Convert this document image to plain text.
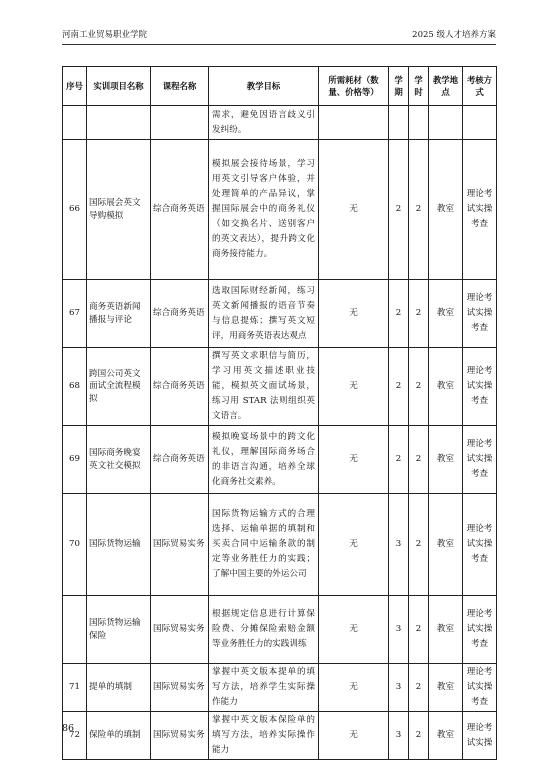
河南工业贸易职业学院	2025 级人才培养方案
序号	实训项目名称	课程名称	教学目标	所需耗材（数量、价格等）	学期	学时	教学地点	考核方式
			需求，避免因语言歧义引发纠纷。					
66	国际展会英文导购模拟	综合商务英语	模拟展会接待场景，学习用英文引导客户体验，并处理简单的产品异议，掌握国际展会中的商务礼仪（如交换名片、送别客户的英文表达），提升跨文化商务接待能力。	无	2	2	教室	理论考试实操考查
67	商务英语新闻播报与评论	综合商务英语	选取国际财经新闻，练习英文新闻播报的语音节奏与信息提炼；撰写英文短评，用商务英语表达观点	无	2	2	教室	理论考试实操考查
68	跨国公司英文面试全流程模拟	综合商务英语	撰写英文求职信与简历，学习用英文描述职业技能，模拟英文面试场景，练习用 STAR 法则组织英文语言。	无	2	2	教室	理论考试实操考查
69	国际商务晚宴英文社交模拟	综合商务英语	模拟晚宴场景中的跨文化礼仪，理解国际商务场合的非语言沟通，培养全球化商务社交素养。	无	2	2	教室	理论考试实操考查
70	国际货物运输	国际贸易实务	国际货物运输方式的合理选择、运输单据的填制和买卖合同中运输条款的制定等业务胜任力的实践；了解中国主要的外运公司	无	3	2	教室	理论考试实操考查
	国际货物运输保险	国际贸易实务	根据规定信息进行计算保险费、分摊保险索赔金额等业务胜任力的实践训练	无	3	2	教室	理论考试实操考查
71	提单的填制	国际贸易实务	掌握中英文版本提单的填写方法，培养学生实际操作能力	无	3	2	教室	理论考试实操考查
72	保险单的填制	国际贸易实务	掌握中英文版本保险单的填写方法，培养实际操作能力	无	3	2	教室	理论考试实操
86
